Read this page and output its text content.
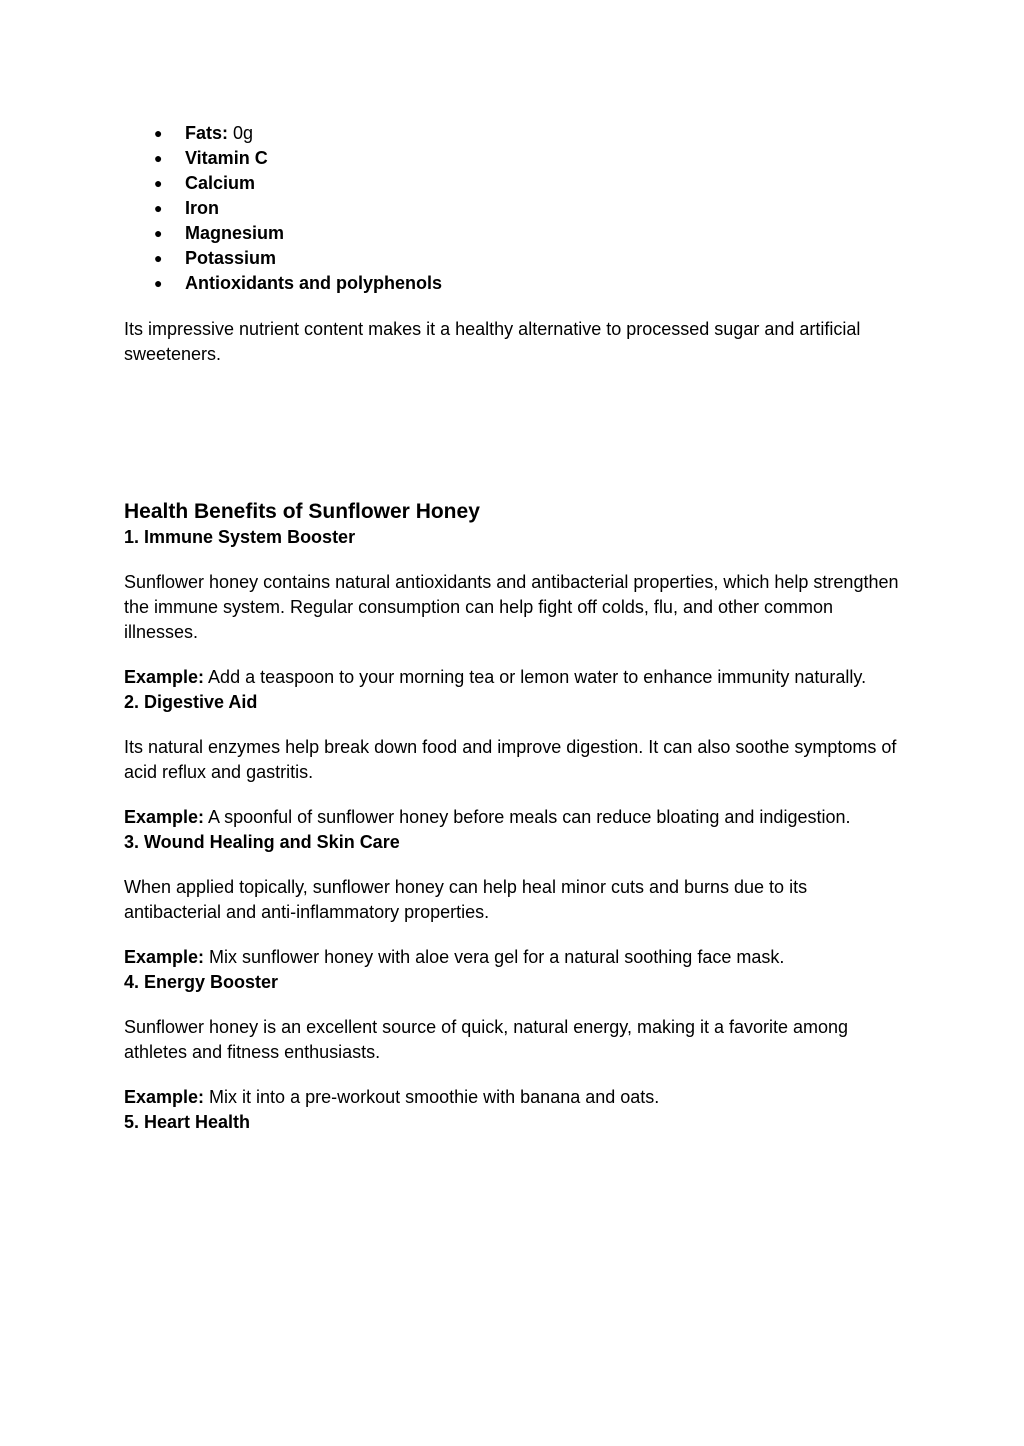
● Fats: 0g
● Vitamin C
● Calcium
● Iron
● Magnesium
● Potassium
● Antioxidants and polyphenols

Its impressive nutrient content makes it a healthy alternative to processed sugar and artificial sweeteners.

Health Benefits of Sunflower Honey
1. Immune System Booster

Sunflower honey contains natural antioxidants and antibacterial properties, which help strengthen the immune system. Regular consumption can help fight off colds, flu, and other common illnesses.

Example: Add a teaspoon to your morning tea or lemon water to enhance immunity naturally.

2. Digestive Aid

Its natural enzymes help break down food and improve digestion. It can also soothe symptoms of acid reflux and gastritis.

Example: A spoonful of sunflower honey before meals can reduce bloating and indigestion.

3. Wound Healing and Skin Care

When applied topically, sunflower honey can help heal minor cuts and burns due to its antibacterial and anti-inflammatory properties.

Example: Mix sunflower honey with aloe vera gel for a natural soothing face mask.

4. Energy Booster

Sunflower honey is an excellent source of quick, natural energy, making it a favorite among athletes and fitness enthusiasts.

Example: Mix it into a pre-workout smoothie with banana and oats.

5. Heart Health
